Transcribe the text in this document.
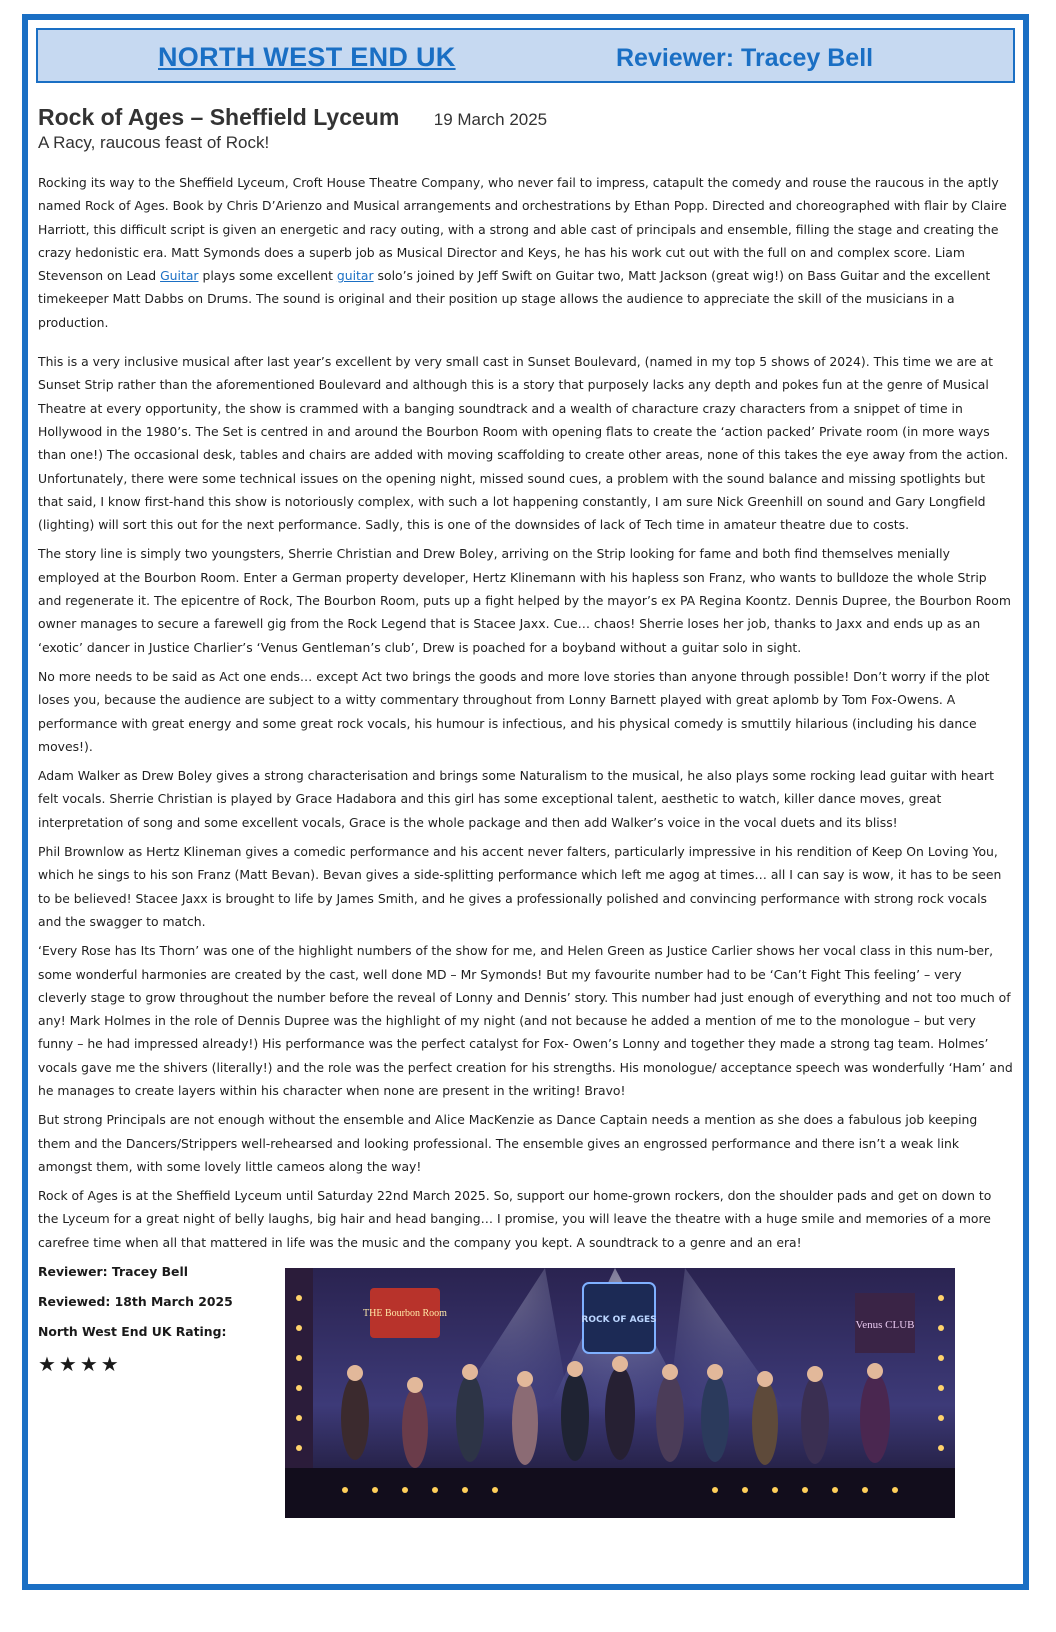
NORTH WEST END UK	Reviewer: Tracey Bell
Rock of Ages – Sheffield Lyceum 19 March 2025
A Racy, raucous feast of Rock!

Rocking its way to the Sheffield Lyceum, Croft House Theatre Company, who never fail to impress, catapult the comedy and rouse the raucous in the aptly named Rock of Ages. Book by Chris D’Arienzo and Musical arrangements and orchestrations by Ethan Popp. Directed and choreographed with flair by Claire Harriott, this difficult script is given an energetic and racy outing, with a strong and able cast of principals and ensemble, filling the stage and creating the crazy hedonistic era. Matt Symonds does a superb job as Musical Director and Keys, he has his work cut out with the full on and complex score. Liam Stevenson on Lead Guitar plays some excellent guitar solo’s joined by Jeff Swift on Guitar two, Matt Jackson (great wig!) on Bass Guitar and the excellent timekeeper Matt Dabbs on Drums. The sound is original and their position up stage allows the audience to appreciate the skill of the musicians in a production.

This is a very inclusive musical after last year’s excellent by very small cast in Sunset Boulevard, (named in my top 5 shows of 2024). This time we are at Sunset Strip rather than the aforementioned Boulevard and although this is a story that purposely lacks any depth and pokes fun at the genre of Musical Theatre at every opportunity, the show is crammed with a banging soundtrack and a wealth of characture crazy characters from a snippet of time in Hollywood in the 1980’s. The Set is centred in and around the Bourbon Room with opening flats to create the ‘action packed’ Private room (in more ways than one!) The occasional desk, tables and chairs are added with moving scaffolding to create other areas, none of this takes the eye away from the action. Unfortunately, there were some technical issues on the opening night, missed sound cues, a problem with the sound balance and missing spotlights but that said, I know first-hand this show is notoriously complex, with such a lot happening constantly, I am sure Nick Greenhill on sound and Gary Longfield (lighting) will sort this out for the next performance. Sadly, this is one of the downsides of lack of Tech time in amateur theatre due to costs.

The story line is simply two youngsters, Sherrie Christian and Drew Boley, arriving on the Strip looking for fame and both find themselves menially employed at the Bourbon Room. Enter a German property developer, Hertz Klinemann with his hapless son Franz, who wants to bulldoze the whole Strip and regenerate it. The epicentre of Rock, The Bourbon Room, puts up a fight helped by the mayor’s ex PA Regina Koontz. Dennis Dupree, the Bourbon Room owner manages to secure a farewell gig from the Rock Legend that is Stacee Jaxx. Cue… chaos! Sherrie loses her job, thanks to Jaxx and ends up as an ‘exotic’ dancer in Justice Charlier’s ‘Venus Gentleman’s club’, Drew is poached for a boyband without a guitar solo in sight.

No more needs to be said as Act one ends… except Act two brings the goods and more love stories than anyone through possible! Don’t worry if the plot loses you, because the audience are subject to a witty commentary throughout from Lonny Barnett played with great aplomb by Tom Fox-Owens. A performance with great energy and some great rock vocals, his humour is infectious, and his physical comedy is smuttily hilarious (including his dance moves!).

Adam Walker as Drew Boley gives a strong characterisation and brings some Naturalism to the musical, he also plays some rocking lead guitar with heart felt vocals. Sherrie Christian is played by Grace Hadabora and this girl has some exceptional talent, aesthetic to watch, killer dance moves, great interpretation of song and some excellent vocals, Grace is the whole package and then add Walker’s voice in the vocal duets and its bliss!

Phil Brownlow as Hertz Klineman gives a comedic performance and his accent never falters, particularly impressive in his rendition of Keep On Loving You, which he sings to his son Franz (Matt Bevan). Bevan gives a side-splitting performance which left me agog at times… all I can say is wow, it has to be seen to be believed! Stacee Jaxx is brought to life by James Smith, and he gives a professionally polished and convincing performance with strong rock vocals and the swagger to match.

‘Every Rose has Its Thorn’ was one of the highlight numbers of the show for me, and Helen Green as Justice Carlier shows her vocal class in this num-ber, some wonderful harmonies are created by the cast, well done MD – Mr Symonds! But my favourite number had to be ‘Can’t Fight This feeling’ – very cleverly stage to grow throughout the number before the reveal of Lonny and Dennis’ story. This number had just enough of everything and not too much of any! Mark Holmes in the role of Dennis Dupree was the highlight of my night (and not because he added a mention of me to the monologue – but very funny – he had impressed already!) His performance was the perfect catalyst for Fox- Owen’s Lonny and together they made a strong tag team. Holmes’ vocals gave me the shivers (literally!) and the role was the perfect creation for his strengths. His monologue/ acceptance speech was wonderfully ‘Ham’ and he manages to create layers within his character when none are present in the writing! Bravo!

But strong Principals are not enough without the ensemble and Alice MacKenzie as Dance Captain needs a mention as she does a fabulous job keeping them and the Dancers/Strippers well-rehearsed and looking professional. The ensemble gives an engrossed performance and there isn’t a weak link amongst them, with some lovely little cameos along the way!

Rock of Ages is at the Sheffield Lyceum until Saturday 22nd March 2025. So, support our home-grown rockers, don the shoulder pads and get on down to the Lyceum for a great night of belly laughs, big hair and head banging… I promise, you will leave the theatre with a huge smile and memories of a more carefree time when all that mattered in life was the music and the company you kept. A soundtrack to a genre and an era!

Reviewer: Tracey Bell
Reviewed: 18th March 2025
North West End UK Rating:
★★★★
THE Bourbon Room
ROCK OF AGES	Venus CLUB
